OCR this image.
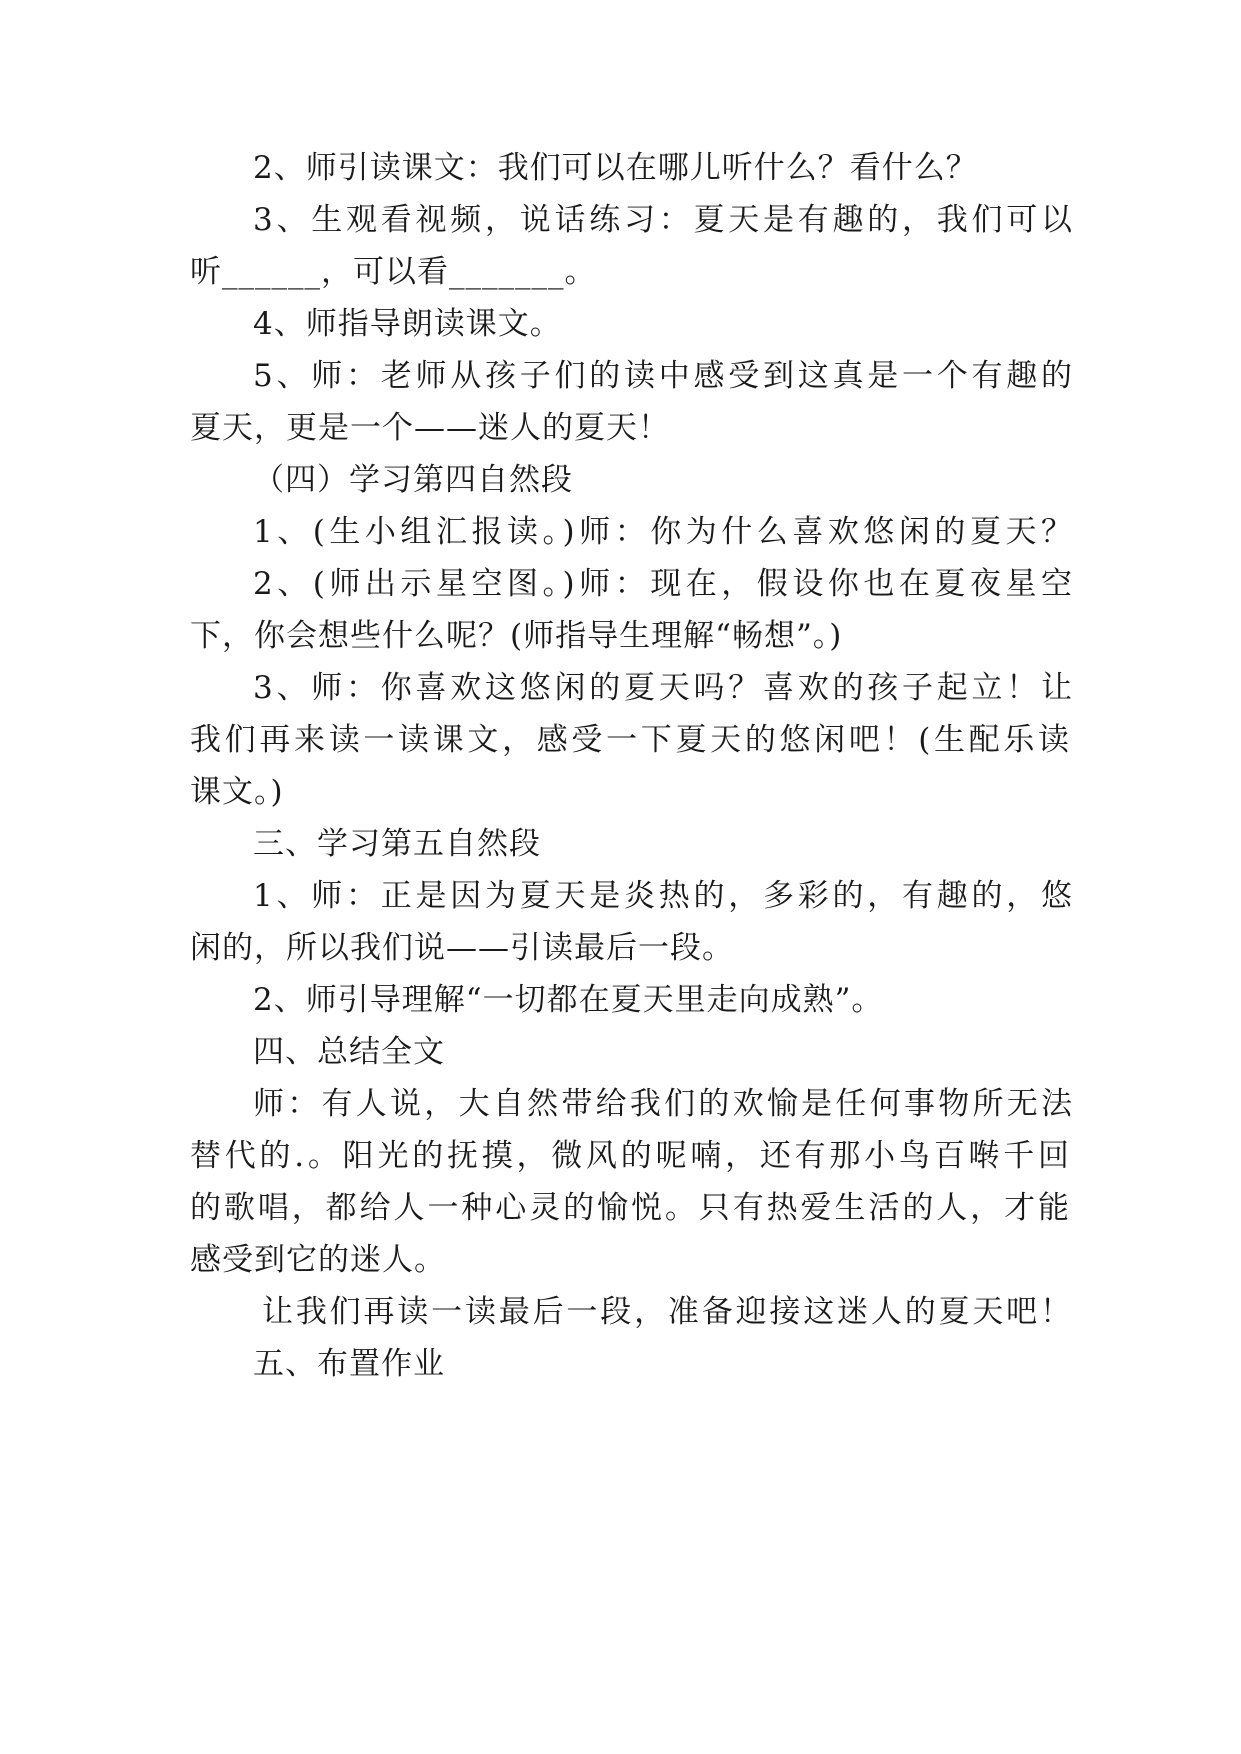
2、师引读课文：我们可以在哪儿听什么？看什么？
3、生观看视频，说话练习：夏天是有趣的，我们可以
听______，可以看_______。
4、师指导朗读课文。
5、师：老师从孩子们的读中感受到这真是一个有趣的
夏天，更是一个——迷人的夏天！
（四）学习第四自然段
1、(生小组汇报读。)师：你为什么喜欢悠闲的夏天？
2、(师出示星空图。)师：现在，假设你也在夏夜星空
下，你会想些什么呢？(师指导生理解“畅想”。)
3、师：你喜欢这悠闲的夏天吗？喜欢的孩子起立！让
我们再来读一读课文，感受一下夏天的悠闲吧！(生配乐读
课文。)
三、学习第五自然段
1、师：正是因为夏天是炎热的，多彩的，有趣的，悠
闲的，所以我们说——引读最后一段。
2、师引导理解“一切都在夏天里走向成熟”。
四、总结全文
师：有人说，大自然带给我们的欢愉是任何事物所无法
替代的.。阳光的抚摸，微风的呢喃，还有那小鸟百啭千回
的歌唱，都给人一种心灵的愉悦。只有热爱生活的人，才能
感受到它的迷人。
让我们再读一读最后一段，准备迎接这迷人的夏天吧！
五、布置作业
